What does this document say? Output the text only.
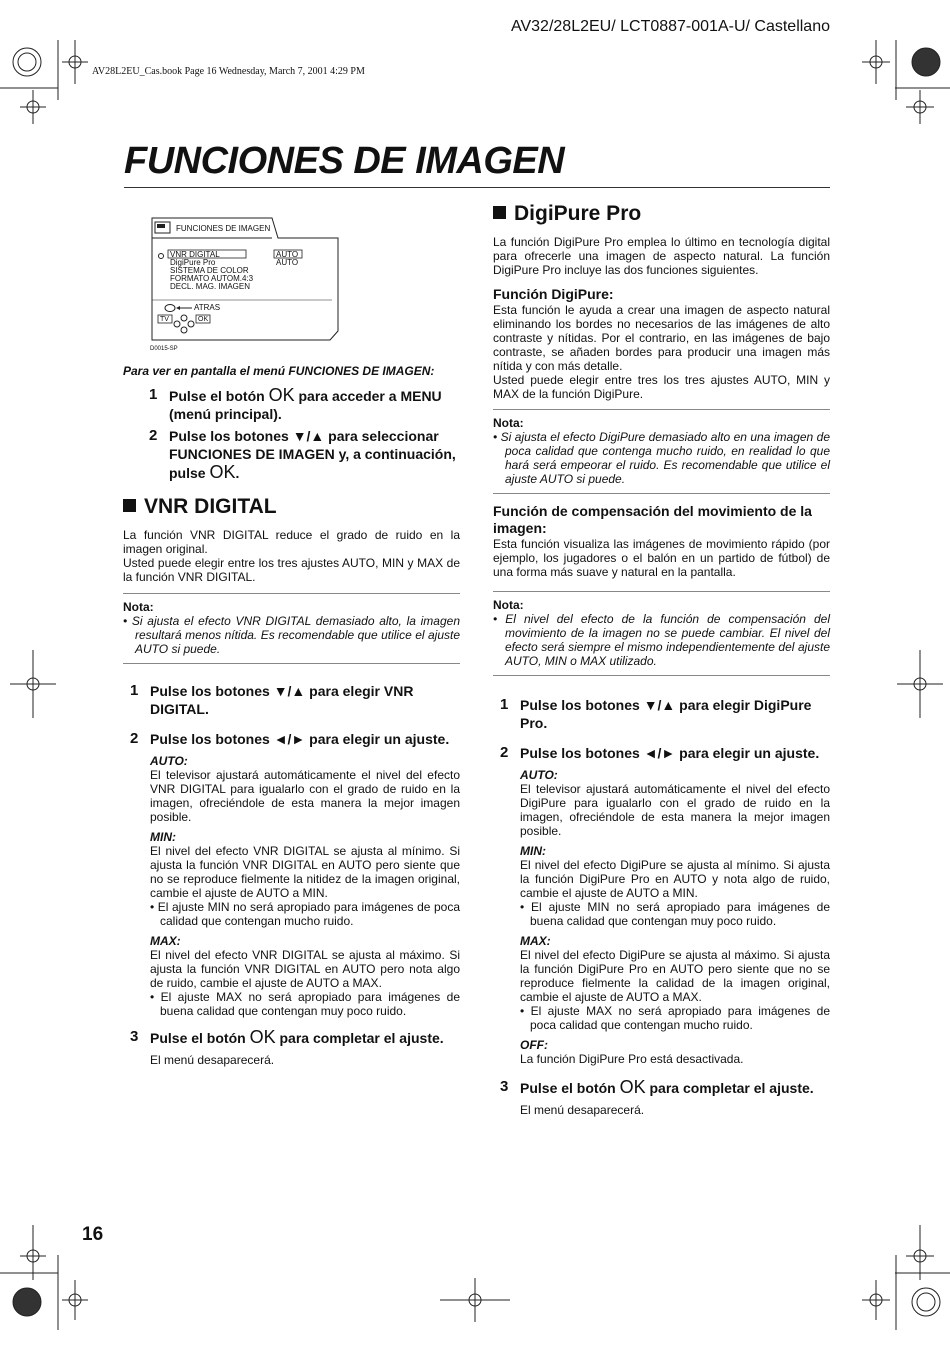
AV32/28L2EU/ LCT0887-001A-U/ Castellano
AV28L2EU_Cas.book Page 16 Wednesday, March 7, 2001 4:29 PM
FUNCIONES DE IMAGEN
FUNCIONES DE IMAGEN
VNR DIGITAL
DigiPure Pro
SISTEMA DE COLOR
FORMATO AUTOM.4:3
DECL. MAG. IMAGEN
AUTO
AUTO
ATRAS
TV	OK
D0015-SP

Para ver en pantalla el menú FUNCIONES DE IMAGEN:

1 Pulse el botón OK para acceder a MENU (menú principal).
2 Pulse los botones ▼/▲ para seleccionar FUNCIONES DE IMAGEN y, a continuación, pulse OK.
VNR DIGITAL

La función VNR DIGITAL reduce el grado de ruido en la imagen original.

Usted puede elegir entre los tres ajustes AUTO, MIN y MAX de la función VNR DIGITAL.

Nota:

• Si ajusta el efecto VNR DIGITAL demasiado alto, la imagen resultará menos nítida. Es recomendable que utilice el ajuste AUTO si puede.

1 Pulse los botones ▼/▲ para elegir VNR DIGITAL.
2 Pulse los botones ◄/► para elegir un ajuste.

AUTO:

El televisor ajustará automáticamente el nivel del efecto VNR DIGITAL para igualarlo con el grado de ruido en la imagen, ofreciéndole de esta manera la mejor imagen posible.

MIN:

El nivel del efecto VNR DIGITAL se ajusta al mínimo. Si ajusta la función VNR DIGITAL en AUTO pero siente que no se reproduce fielmente la nitidez de la imagen original, cambie el ajuste de AUTO a MIN.

• El ajuste MIN no será apropiado para imágenes de poca calidad que contengan mucho ruido.

MAX:

El nivel del efecto VNR DIGITAL se ajusta al máximo. Si ajusta la función VNR DIGITAL en AUTO pero nota algo de ruido, cambie el ajuste de AUTO a MAX.

• El ajuste MAX no será apropiado para imágenes de buena calidad que contengan muy poco ruido.

3 Pulse el botón OK para completar el ajuste.

El menú desaparecerá.

DigiPure Pro

La función DigiPure Pro emplea lo último en tecnología digital para ofrecerle una imagen de aspecto natural. La función DigiPure Pro incluye las dos funciones siguientes.

Función DigiPure:

Esta función le ayuda a crear una imagen de aspecto natural eliminando los bordes no necesarios de las imágenes de alto contraste y nítidas. Por el contrario, en las imágenes de bajo contraste, se añaden bordes para producir una imagen más nítida y con más detalle.

Usted puede elegir entre tres los tres ajustes AUTO, MIN y MAX de la función DigiPure.

Nota:

• Si ajusta el efecto DigiPure demasiado alto en una imagen de poca calidad que contenga mucho ruido, en realidad lo que hará será empeorar el ruido. Es recomendable que utilice el ajuste AUTO si puede.

Función de compensación del movimiento de la imagen:

Esta función visualiza las imágenes de movimiento rápido (por ejemplo, los jugadores o el balón en un partido de fútbol) de una forma más suave y natural en la pantalla.

Nota:

• El nivel del efecto de la función de compensación del movimiento de la imagen no se puede cambiar. El nivel del efecto será siempre el mismo independientemente del ajuste AUTO, MIN o MAX utilizado.

1 Pulse los botones ▼/▲ para elegir DigiPure Pro.
2 Pulse los botones ◄/► para elegir un ajuste.

AUTO:

El televisor ajustará automáticamente el nivel del efecto DigiPure para igualarlo con el grado de ruido en la imagen, ofreciéndole de esta manera la mejor imagen posible.

MIN:

El nivel del efecto DigiPure se ajusta al mínimo. Si ajusta la función DigiPure Pro en AUTO y nota algo de ruido, cambie el ajuste de AUTO a MIN.

• El ajuste MIN no será apropiado para imágenes de buena calidad que contengan muy poco ruido.

MAX:

El nivel del efecto DigiPure se ajusta al máximo. Si ajusta la función DigiPure Pro en AUTO pero siente que no se reproduce fielmente la calidad de la imagen original, cambie el ajuste de AUTO a MAX.

• El ajuste MAX no será apropiado para imágenes de poca calidad que contengan mucho ruido.

OFF:

La función DigiPure Pro está desactivada.

3 Pulse el botón OK para completar el ajuste.

El menú desaparecerá.

16
